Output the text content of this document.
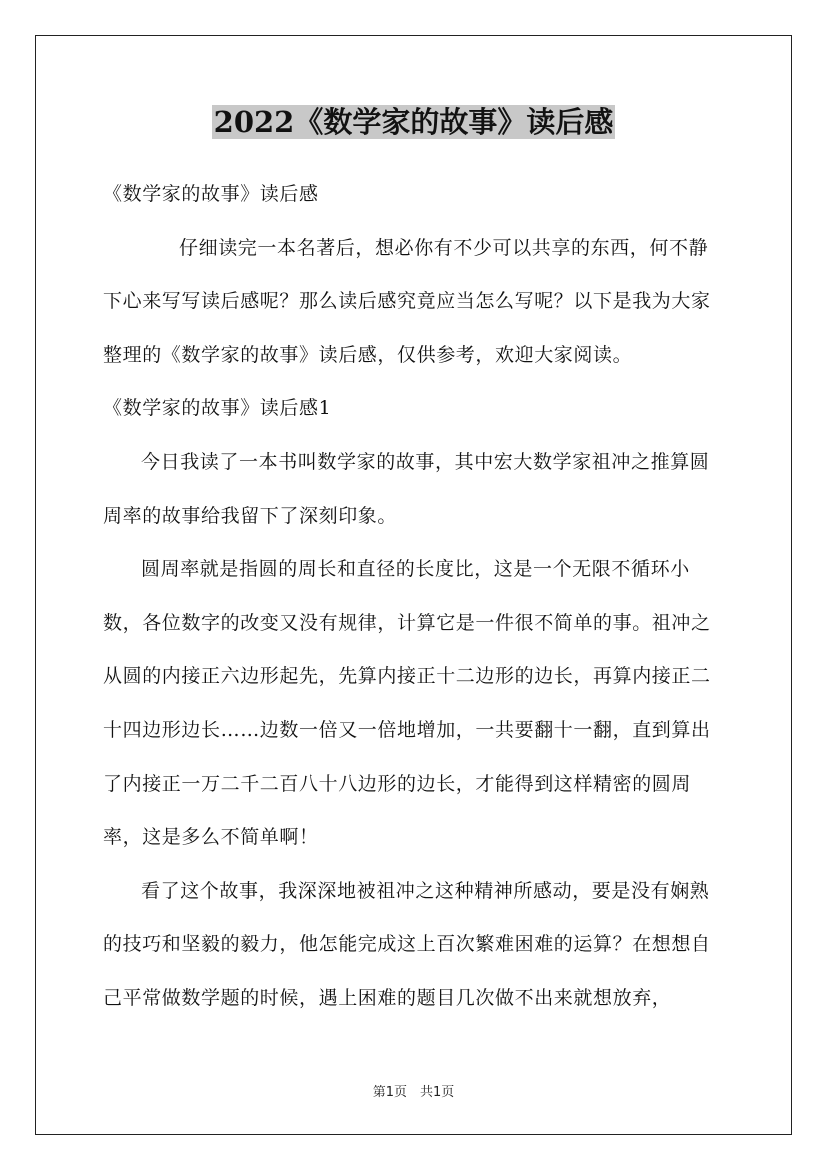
2022《数学家的故事》读后感

《数学家的故事》读后感

仔细读完一本名著后，想必你有不少可以共享的东西，何不静下心来写写读后感呢？那么读后感究竟应当怎么写呢？以下是我为大家整理的《数学家的故事》读后感，仅供参考，欢迎大家阅读。

《数学家的故事》读后感1

今日我读了一本书叫数学家的故事，其中宏大数学家祖冲之推算圆周率的故事给我留下了深刻印象。

圆周率就是指圆的周长和直径的长度比，这是一个无限不循环小数，各位数字的改变又没有规律，计算它是一件很不简单的事。祖冲之从圆的内接正六边形起先，先算内接正十二边形的边长，再算内接正二十四边形边长……边数一倍又一倍地增加，一共要翻十一翻，直到算出了内接正一万二千二百八十八边形的边长，才能得到这样精密的圆周率，这是多么不简单啊！

看了这个故事，我深深地被祖冲之这种精神所感动，要是没有娴熟的技巧和坚毅的毅力，他怎能完成这上百次繁难困难的运算？在想想自己平常做数学题的时候，遇上困难的题目几次做不出来就想放弃，

第1页　共1页
